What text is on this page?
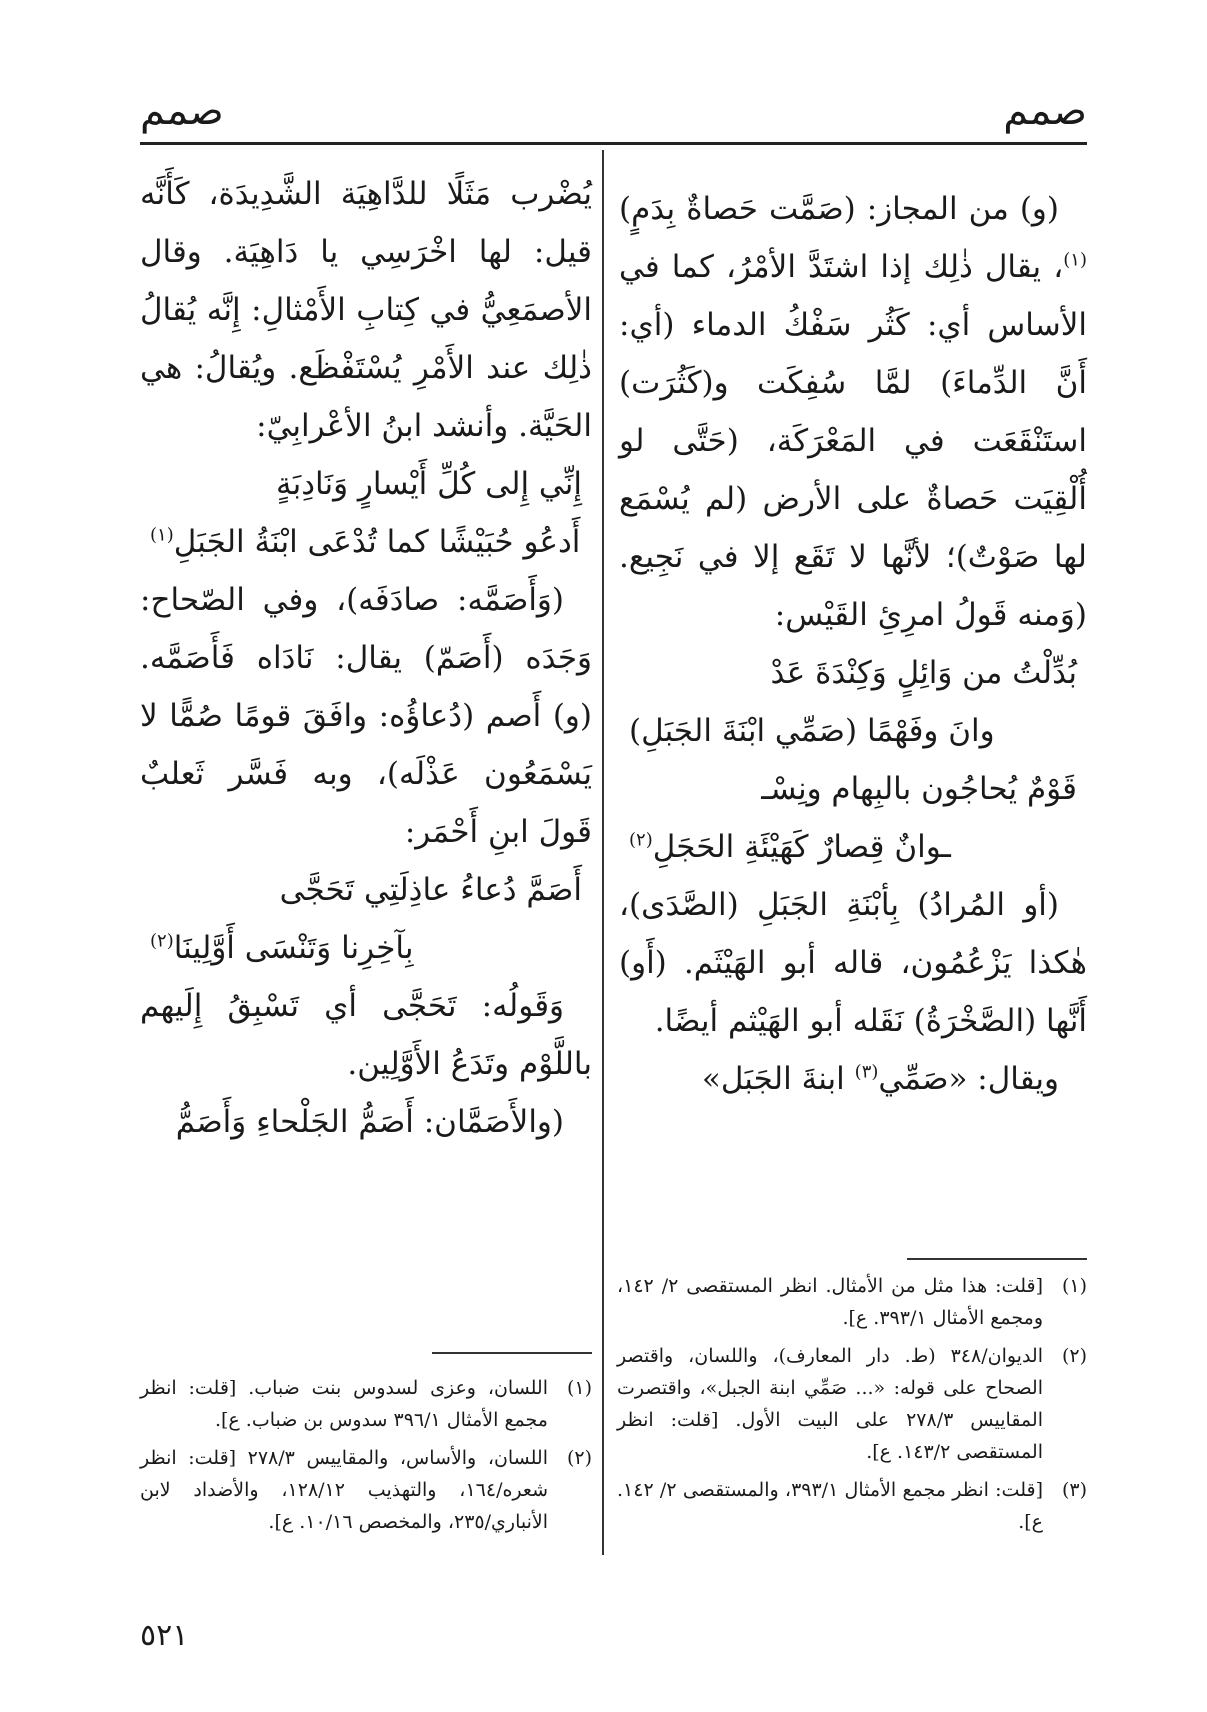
صمم
صمم

(و) من المجاز: (صَمَّت حَصاةٌ بِدَمٍ)$^{(١)}$، يقال ذٰلِك إذا اشتَدَّ الأمْرُ، كما في الأساس أي: كَثُر سَفْكُ الدماء (أي: أَنَّ الدِّماءَ) لمَّا سُفِكَت و(كَثُرَت) استَنْقَعَت في المَعْرَكَة، (حَتَّى لو أُلْقِيَت حَصاةٌ على الأرض (لم يُسْمَع لها صَوْتٌ)؛ لأنَّها لا تَقَع إلا في نَجِيع. (وَمنه قَولُ امرِئِ القَيْس:

بُدِّلْتُ من وَائِلٍ وَكِنْدَةَ عَدْ

وانَ وفَهْمًا (صَمِّي ابْنَةَ الجَبَلِ)

قَوْمٌ يُحاجُون بالبِهام ونِسْـ

ـوانٌ قِصارٌ كَهَيْئَةِ الحَجَلِ$^{(٢)}$

(أو المُرادُ) بِأبْنَةِ الجَبَلِ (الصَّدَى)، هٰكذا يَزْعُمُون، قاله أبو الهَيْثَم. (أَو) أَنَّها (الصَّخْرَةُ) نَقَله أبو الهَيْثم أيضًا.

ويقال: «صَمِّي$^{(٣)}$ ابنةَ الجَبَل»

يُضْرب مَثَلًا للدَّاهِيَة الشَّدِيدَة، كَأَنَّه قيل: لها اخْرَسِي يا دَاهِيَة. وقال الأصمَعِيُّ في كِتابِ الأَمْثالِ: إِنَّه يُقالُ ذٰلِك عند الأَمْرِ يُسْتَفْظَع. ويُقالُ: هي الحَيَّة. وأنشد ابنُ الأعْرابِيّ:

إِنِّي إِلى كُلِّ أَيْسارٍ وَنَادِبَةٍ

أَدعُو حُبَيْشًا كما تُدْعَى ابْنَةُ الجَبَلِ$^{(١)}$

(وَأَصَمَّه: صادَفَه)، وفي الصّحاح: وَجَدَه (أَصَمّ) يقال: نَادَاه فَأَصَمَّه. (و) أَصم (دُعاؤُه: وافَقَ قومًا صُمًّا لا يَسْمَعُون عَذْلَه)، وبه فَسَّر ثَعلبٌ قَولَ ابنِ أَحْمَر:

أَصَمَّ دُعاءُ عاذِلَتِي تَحَجَّى

بِآخِرِنا وَتَنْسَى أَوَّلِينَا$^{(٢)}$

وَقَولُه: تَحَجَّى أي تَسْبِقُ إِلَيهم باللَّوْم وتَدَعُ الأَوَّلِين.

(والأَصَمَّان: أَصَمُّ الجَلْحاءِ وَأَصَمُّ

(١)
[قلت: هذا مثل من الأمثال. انظر المستقصى ٢/ ١٤٢، ومجمع الأمثال ٣٩٣/١. ع].
(٢)
الديوان/٣٤٨ (ط. دار المعارف)، واللسان، واقتصر الصحاح على قوله: «... صَمِّي ابنة الجبل»، واقتصرت المقاييس ٢٧٨/٣ على البيت الأول. [قلت: انظر المستقصى ١٤٣/٢. ع].
(٣)
[قلت: انظر مجمع الأمثال ٣٩٣/١، والمستقصى ٢/ ١٤٢. ع].
(١)
اللسان، وعزى لسدوس بنت ضباب. [قلت: انظر مجمع الأمثال ٣٩٦/١ سدوس بن ضباب. ع].
(٢)
اللسان، والأساس، والمقاييس ٢٧٨/٣ [قلت: انظر شعره/١٦٤، والتهذيب ١٢٨/١٢، والأضداد لابن الأنباري/٢٣٥، والمخصص ١٠/١٦. ع].
٥٢١
